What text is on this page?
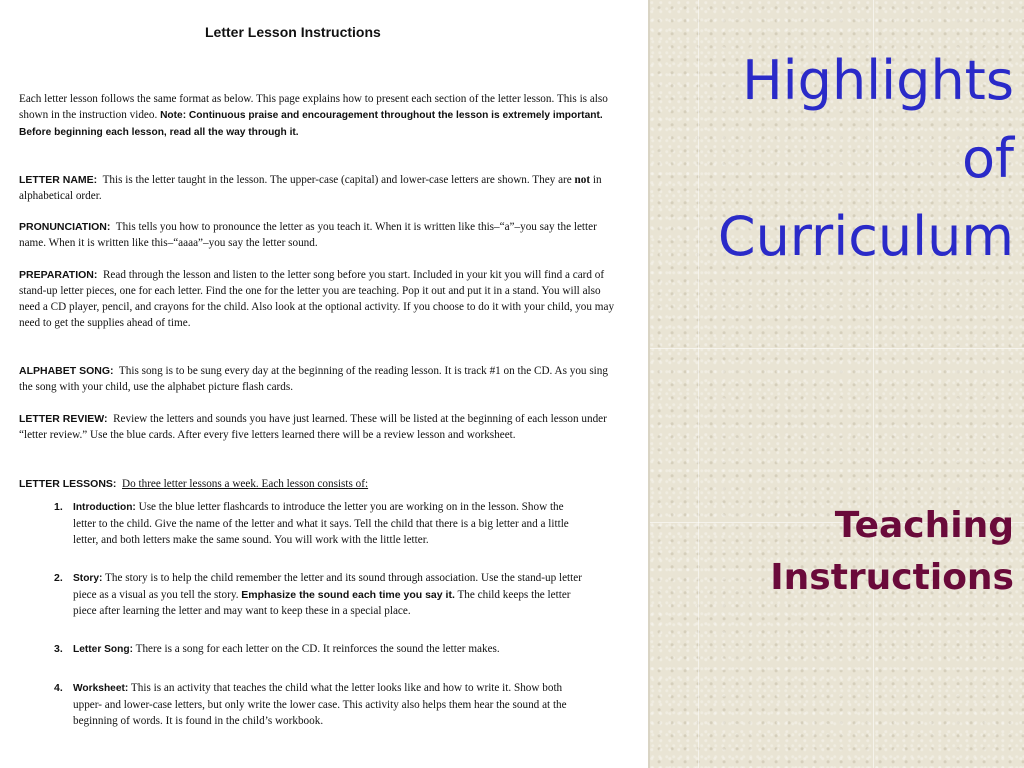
Letter Lesson Instructions

Each letter lesson follows the same format as below. This page explains how to present each section of the letter lesson. This is also shown in the instruction video. Note: Continuous praise and encouragement throughout the lesson is extremely important. Before beginning each lesson, read all the way through it.

LETTER NAME: This is the letter taught in the lesson. The upper-case (capital) and lower-case letters are shown. They are not in alphabetical order.

PRONUNCIATION: This tells you how to pronounce the letter as you teach it. When it is written like this–“a”–you say the letter name. When it is written like this–“aaaa”–you say the letter sound.

PREPARATION: Read through the lesson and listen to the letter song before you start. Included in your kit you will find a card of stand-up letter pieces, one for each letter. Find the one for the letter you are teaching. Pop it out and put it in a stand. You will also need a CD player, pencil, and crayons for the child. Also look at the optional activity. If you choose to do it with your child, you may need to get the supplies ahead of time.

ALPHABET SONG: This song is to be sung every day at the beginning of the reading lesson. It is track #1 on the CD. As you sing the song with your child, use the alphabet picture flash cards.

LETTER REVIEW: Review the letters and sounds you have just learned. These will be listed at the beginning of each lesson under “letter review.” Use the blue cards. After every five letters learned there will be a review lesson and worksheet.

LETTER LESSONS: Do three letter lessons a week. Each lesson consists of:

1. Introduction: Use the blue letter flashcards to introduce the letter you are working on in the lesson. Show the letter to the child. Give the name of the letter and what it says. Tell the child that there is a big letter and a little letter, and both letters make the same sound. You will work with the little letter.
2. Story: The story is to help the child remember the letter and its sound through association. Use the stand-up letter piece as a visual as you tell the story. Emphasize the sound each time you say it. The child keeps the letter piece after learning the letter and may want to keep these in a special place.
3. Letter Song: There is a song for each letter on the CD. It reinforces the sound the letter makes.
4. Worksheet: This is an activity that teaches the child what the letter looks like and how to write it. Show both upper- and lower-case letters, but only write the lower case. This activity also helps them hear the sound at the beginning of words. It is found in the child’s workbook.
Highlights
of
Curriculum
Teaching
Instructions
